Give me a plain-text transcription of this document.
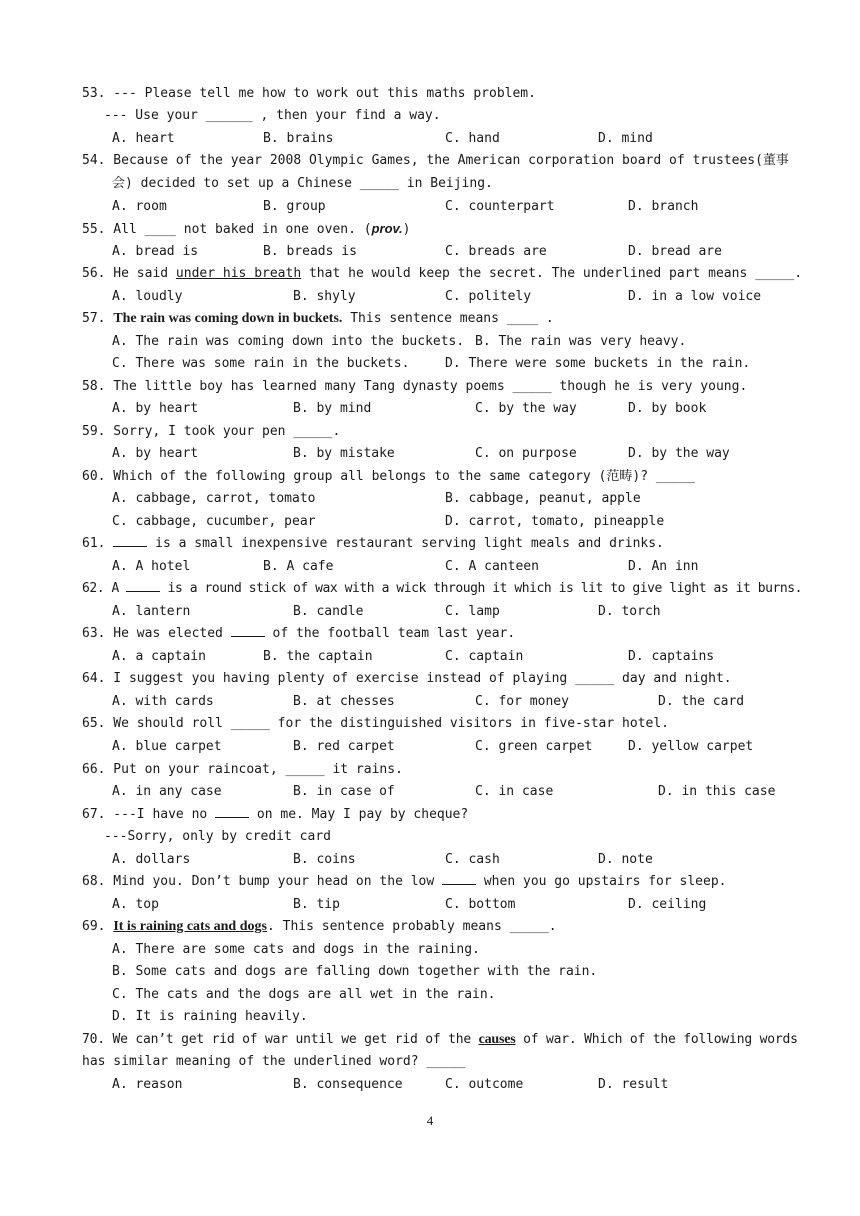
53. --- Please tell me how to work out this maths problem.
--- Use your ______ , then your find a way.
A. heart	B. brains	C. hand	D. mind
54. Because of the year 2008 Olympic Games, the American corporation board of trustees(董事
会) decided to set up a Chinese _____ in Beijing.
A. room	B. group	C. counterpart	D. branch
55. All ____ not baked in one oven. (prov.)
A. bread is	B. breads is	C. breads are	D. bread are
56. He said under his breath that he would keep the secret. The underlined part means _____.
A. loudly	B. shyly	C. politely	D. in a low voice
57. The rain was coming down in buckets. This sentence means ____ .
A. The rain was coming down into the buckets. B. The rain was very heavy.
C. There was some rain in the buckets.	D. There were some buckets in the rain.
58. The little boy has learned many Tang dynasty poems _____ though he is very young.
A. by heart	B. by mind	C. by the way	D. by book
59. Sorry, I took your pen _____.
A. by heart	B. by mistake	C. on purpose	D. by the way
60. Which of the following group all belongs to the same category (范畴)? _____
A. cabbage, carrot, tomato	B. cabbage, peanut, apple
C. cabbage, cucumber, pear	D. carrot, tomato, pineapple
61.	is a small inexpensive restaurant serving light meals and drinks.
A. A hotel	B. A cafe	C. A canteen	D. An inn
62. A	is a round stick of wax with a wick through it which is lit to give light as it burns.
A. lantern	B. candle	C. lamp	D. torch
63. He was elected	of the football team last year.
A. a captain	B. the captain	C. captain	D. captains
64. I suggest you having plenty of exercise instead of playing _____ day and night.
A. with cards	B. at chesses	C. for money	D. the card
65. We should roll _____ for the distinguished visitors in five-star hotel.
A. blue carpet	B. red carpet	C. green carpet	D. yellow carpet
66. Put on your raincoat, _____ it rains.
A. in any case	B. in case of	C. in case	D. in this case
67. ---I have no	on me. May I pay by cheque?
---Sorry, only by credit card
A. dollars	B. coins	C. cash	D. note
68. Mind you. Don’t bump your head on the low	when you go upstairs for sleep.
A. top	B. tip	C. bottom	D. ceiling
69. It is raining cats and dogs. This sentence probably means _____.
A. There are some cats and dogs in the raining.
B. Some cats and dogs are falling down together with the rain.
C. The cats and the dogs are all wet in the rain.
D. It is raining heavily.
70. We can’t get rid of war until we get rid of the causes of war. Which of the following words
has similar meaning of the underlined word? _____
A. reason	B. consequence	C. outcome	D. result
4
